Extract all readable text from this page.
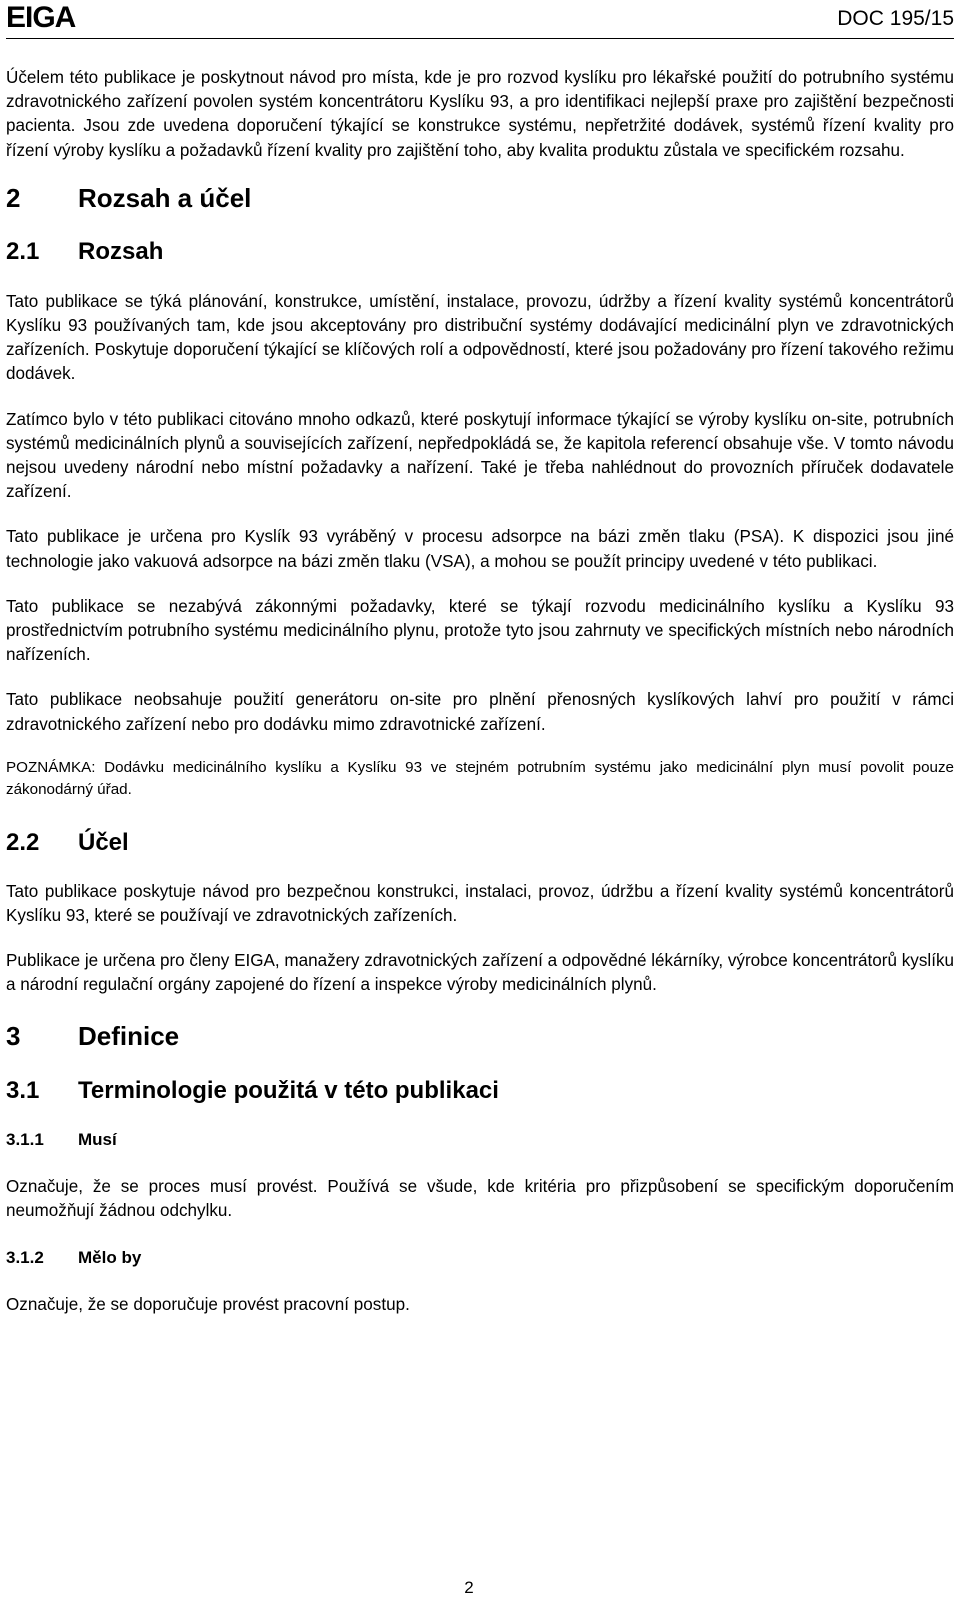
EIGA	DOC 195/15

Účelem této publikace je poskytnout návod pro místa, kde je pro rozvod kyslíku pro lékařské použití do potrubního systému zdravotnického zařízení povolen systém koncentrátoru Kyslíku 93, a pro identifikaci nejlepší praxe pro zajištění bezpečnosti pacienta. Jsou zde uvedena doporučení týkající se konstrukce systému, nepřetržité dodávek, systémů řízení kvality pro řízení výroby kyslíku a požadavků řízení kvality pro zajištění toho, aby kvalita produktu zůstala ve specifickém rozsahu.

2	Rozsah a účel
2.1	Rozsah

Tato publikace se týká plánování, konstrukce, umístění, instalace, provozu, údržby a řízení kvality systémů koncentrátorů Kyslíku 93 používaných tam, kde jsou akceptovány pro distribuční systémy dodávající medicinální plyn ve zdravotnických zařízeních. Poskytuje doporučení týkající se klíčových rolí a odpovědností, které jsou požadovány pro řízení takového režimu dodávek.

Zatímco bylo v této publikaci citováno mnoho odkazů, které poskytují informace týkající se výroby kyslíku on-site, potrubních systémů medicinálních plynů a souvisejících zařízení, nepředpokládá se, že kapitola referencí obsahuje vše. V tomto návodu nejsou uvedeny národní nebo místní požadavky a nařízení. Také je třeba nahlédnout do provozních příruček dodavatele zařízení.

Tato publikace je určena pro Kyslík 93 vyráběný v procesu adsorpce na bázi změn tlaku (PSA). K dispozici jsou jiné technologie jako vakuová adsorpce na bázi změn tlaku (VSA), a mohou se použít principy uvedené v této publikaci.

Tato publikace se nezabývá zákonnými požadavky, které se týkají rozvodu medicinálního kyslíku a Kyslíku 93 prostřednictvím potrubního systému medicinálního plynu, protože tyto jsou zahrnuty ve specifických místních nebo národních nařízeních.

Tato publikace neobsahuje použití generátoru on-site pro plnění přenosných kyslíkových lahví pro použití v rámci zdravotnického zařízení nebo pro dodávku mimo zdravotnické zařízení.

POZNÁMKA: Dodávku medicinálního kyslíku a Kyslíku 93 ve stejném potrubním systému jako medicinální plyn musí povolit pouze zákonodárný úřad.

2.2	Účel

Tato publikace poskytuje návod pro bezpečnou konstrukci, instalaci, provoz, údržbu a řízení kvality systémů koncentrátorů Kyslíku 93, které se používají ve zdravotnických zařízeních.

Publikace je určena pro členy EIGA, manažery zdravotnických zařízení a odpovědné lékárníky, výrobce koncentrátorů kyslíku a národní regulační orgány zapojené do řízení a inspekce výroby medicinálních plynů.

3	Definice
3.1	Terminologie použitá v této publikaci
3.1.1	Musí

Označuje, že se proces musí provést. Používá se všude, kde kritéria pro přizpůsobení se specifickým doporučením neumožňují žádnou odchylku.

3.1.2	Mělo by

Označuje, že se doporučuje provést pracovní postup.

2
